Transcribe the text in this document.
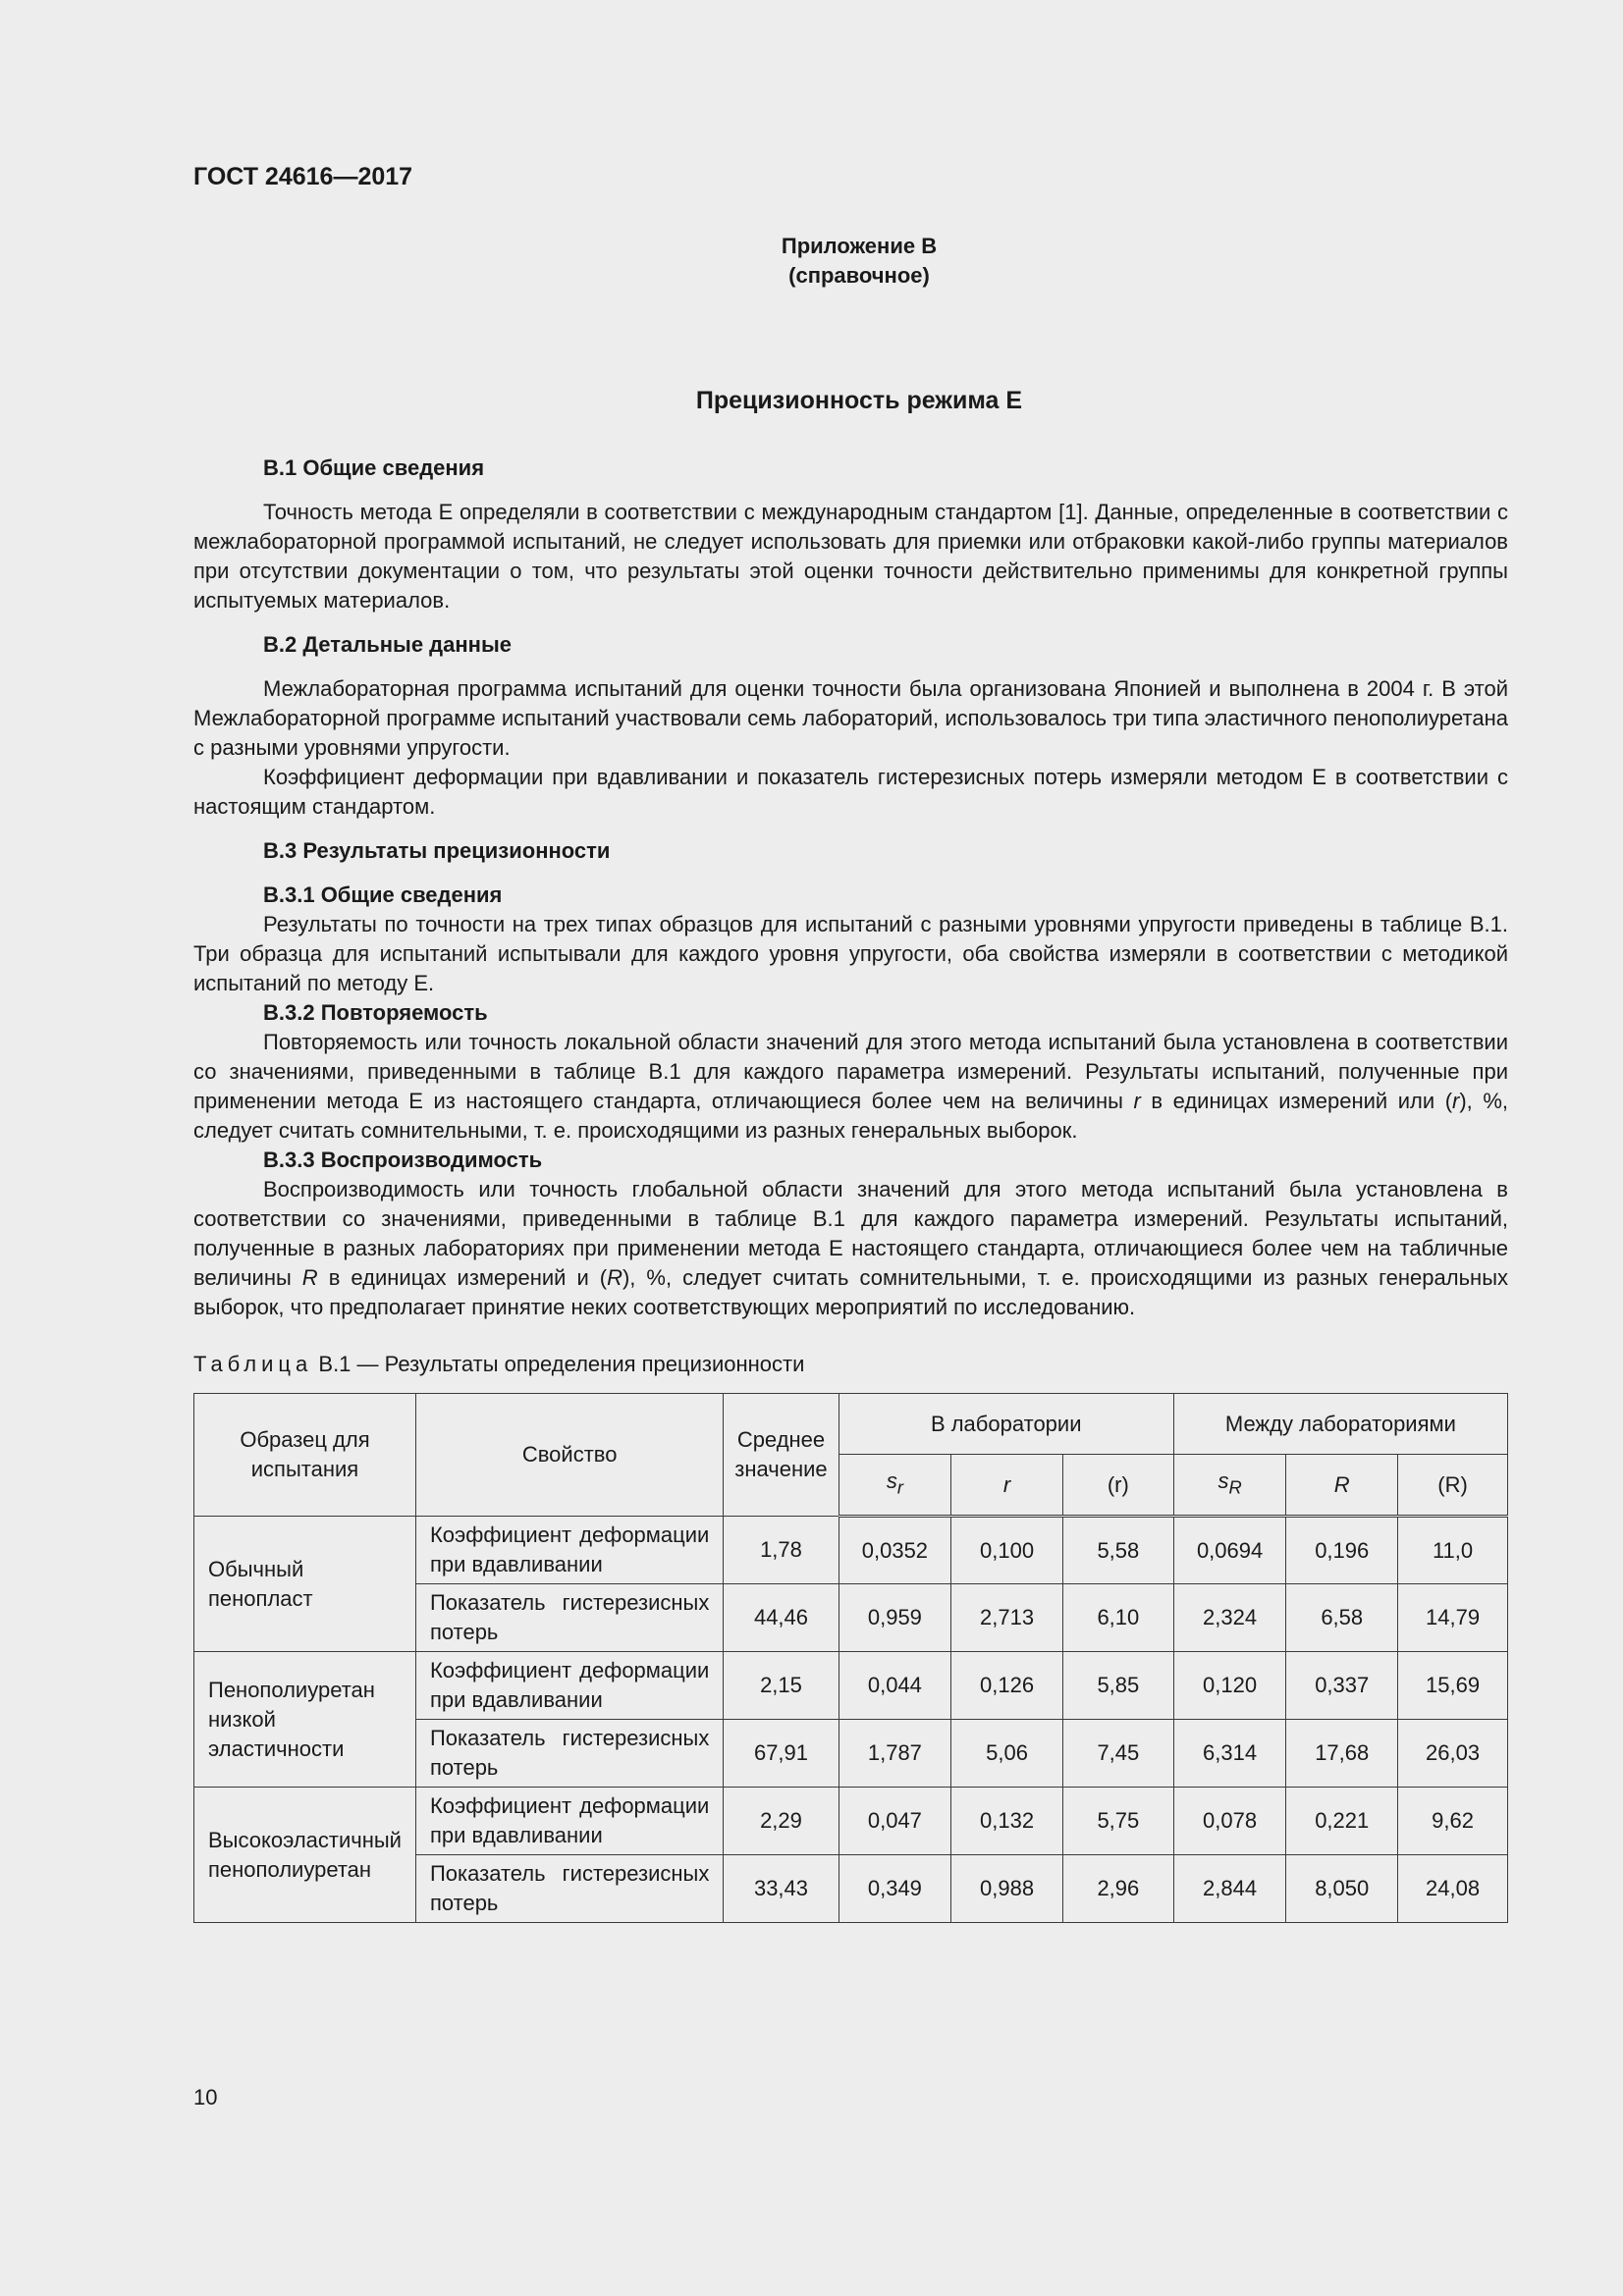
ГОСТ 24616—2017
Приложение В
(справочное)
Прецизионность режима Е
В.1 Общие сведения

Точность метода Е определяли в соответствии с международным стандартом [1]. Данные, определенные в соответствии с межлабораторной программой испытаний, не следует использовать для приемки или отбраковки какой-либо группы материалов при отсутствии документации о том, что результаты этой оценки точности действительно применимы для конкретной группы испытуемых материалов.

В.2 Детальные данные

Межлабораторная программа испытаний для оценки точности была организована Японией и выполнена в 2004 г. В этой Межлабораторной программе испытаний участвовали семь лабораторий, использовалось три типа эластичного пенополиуретана с разными уровнями упругости.

Коэффициент деформации при вдавливании и показатель гистерезисных потерь измеряли методом Е в соответствии с настоящим стандартом.

В.3 Результаты прецизионности
В.3.1 Общие сведения

Результаты по точности на трех типах образцов для испытаний с разными уровнями упругости приведены в таблице В.1. Три образца для испытаний испытывали для каждого уровня упругости, оба свойства измеряли в соответствии с методикой испытаний по методу Е.

В.3.2 Повторяемость

Повторяемость или точность локальной области значений для этого метода испытаний была установлена в соответствии со значениями, приведенными в таблице В.1 для каждого параметра измерений. Результаты испытаний, полученные при применении метода Е из настоящего стандарта, отличающиеся более чем на величины r в единицах измерений или (r), %, следует считать сомнительными, т. е. происходящими из разных генеральных выборок.

В.3.3 Воспроизводимость

Воспроизводимость или точность глобальной области значений для этого метода испытаний была установлена в соответствии со значениями, приведенными в таблице В.1 для каждого параметра измерений. Результаты испытаний, полученные в разных лабораториях при применении метода Е настоящего стандарта, отличающиеся более чем на табличные величины R в единицах измерений и (R), %, следует считать сомнительными, т. е. происходящими из разных генеральных выборок, что предполагает принятие неких соответствующих мероприятий по исследованию.

Таблица В.1 — Результаты определения прецизионности
Образец для испытания	Свойство	Среднее значение	В лаборатории			Между лабораториями		
			$s_r$	r	(r)	$s_R$	R	(R)
Обычный пенопласт	Коэффициент деформации при вдавливании	1,78	0,0352	0,100	5,58	0,0694	0,196	11,0
	Показатель гистерезисных потерь	44,46	0,959	2,713	6,10	2,324	6,58	14,79
Пенополиуретан низкой эластичности	Коэффициент деформации при вдавливании	2,15	0,044	0,126	5,85	0,120	0,337	15,69
	Показатель гистерезисных потерь	67,91	1,787	5,06	7,45	6,314	17,68	26,03
Высокоэластичный пенополиуретан	Коэффициент деформации при вдавливании	2,29	0,047	0,132	5,75	0,078	0,221	9,62
	Показатель гистерезисных потерь	33,43	0,349	0,988	2,96	2,844	8,050	24,08
10
